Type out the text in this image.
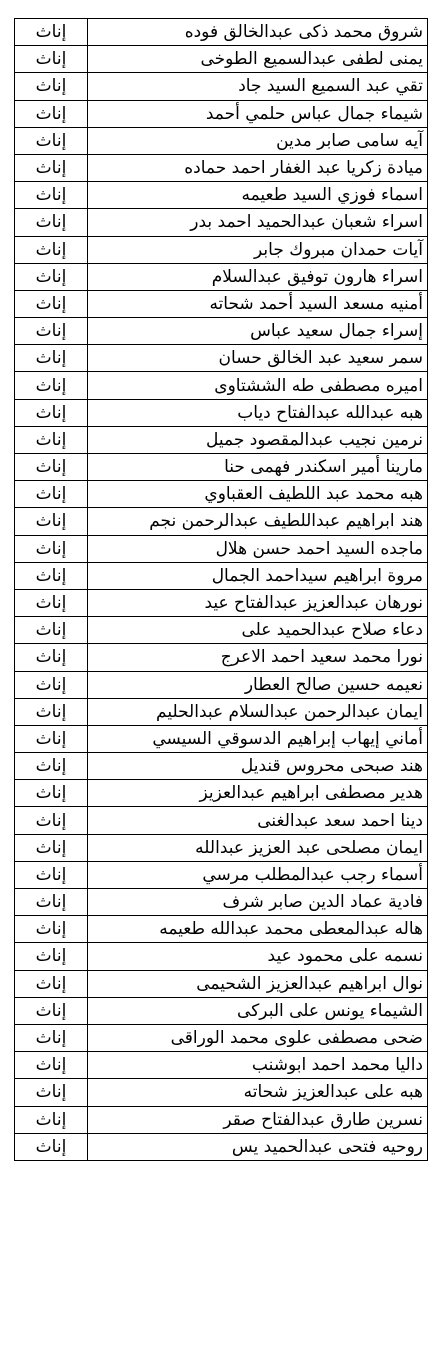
إناث	شروق محمد ذكى عبدالخالق فوده
إناث	يمنى لطفى عبدالسميع الطوخى
إناث	تقي عبد السميع السيد جاد
إناث	شيماء جمال عباس حلمي أحمد
إناث	آيه سامى صابر مدين
إناث	ميادة زكريا عبد الغفار احمد حماده
إناث	اسماء فوزي السيد طعيمه
إناث	اسراء شعبان عبدالحميد احمد بدر
إناث	آيات حمدان مبروك جابر
إناث	اسراء هارون توفيق عبدالسلام
إناث	أمنيه مسعد السيد أحمد شحاته
إناث	إسراء جمال سعيد عباس
إناث	سمر سعيد عبد الخالق حسان
إناث	اميره مصطفى طه الششتاوى
إناث	هبه عبدالله عبدالفتاح دياب
إناث	نرمين نجيب عبدالمقصود جميل
إناث	مارينا أمير اسكندر فهمى حنا
إناث	هبه محمد عبد اللطيف العقباوي
إناث	هند ابراهيم عبداللطيف عبدالرحمن نجم
إناث	ماجده السيد احمد حسن هلال
إناث	مروة ابراهيم سيداحمد الجمال
إناث	نورهان عبدالعزيز عبدالفتاح عيد
إناث	دعاء صلاح عبدالحميد على
إناث	نورا محمد سعيد احمد الاعرج
إناث	نعيمه حسين صالح العطار
إناث	ايمان عبدالرحمن عبدالسلام عبدالحليم
إناث	أماني إيهاب إبراهيم الدسوقي السيسي
إناث	هند صبحى محروس قنديل
إناث	هدير مصطفى ابراهيم عبدالعزيز
إناث	دينا احمد سعد عبدالغنى
إناث	ايمان مصلحى عبد العزيز عبدالله
إناث	أسماء رجب عبدالمطلب مرسي
إناث	فادية عماد الدين صابر شرف
إناث	هاله عبدالمعطى محمد عبدالله طعيمه
إناث	نسمه على محمود عيد
إناث	نوال ابراهيم عبدالعزيز الشحيمى
إناث	الشيماء يونس على البركى
إناث	ضحى مصطفى علوى محمد الوراقى
إناث	داليا محمد احمد ابوشنب
إناث	هبه على عبدالعزيز شحاته
إناث	نسرين طارق عبدالفتاح صقر
إناث	روحيه فتحى عبدالحميد يس
